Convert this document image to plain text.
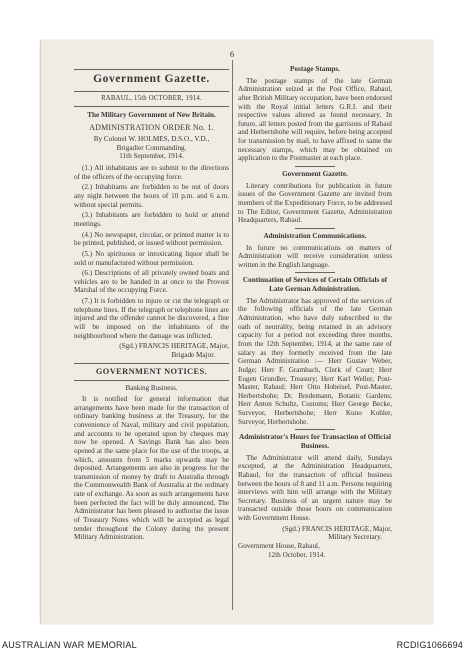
6
Government Gazette.
RABAUL, 15th OCTOBER, 1914.
The Military Government of New Britain.
ADMINISTRATION ORDER No. 1.
By Colonel W. HOLMES, D.S.O., V.D.,
Brigadier Commanding.
11th September, 1914.

(1.) All inhabitants are to submit to the directions of the officers of the occupying force.

(2.) Inhabitants are forbidden to be out of doors any night between the hours of 10 p.m. and 6 a.m. without special permits.

(3.) Inhabitants are forbidden to hold or attend meetings.

(4.) No newspaper, circular, or printed matter is to be printed, published, or issued without permission.

(5.) No spirituous or intoxicating liquor shall be sold or manufactured without permission.

(6.) Descriptions of all privately owned boats and vehicles are to be handed in at once to the Provost Marshal of the occupying Force.

(7.) It is forbidden to injure or cut the telegraph or telephone lines. If the telegraph or telephone lines are injured and the offender cannot be discovered, a fine will be imposed on the inhabitants of the neighbourhood where the damage was inflicted.

(Sgd.) FRANCIS HERITAGE, Major,
Brigade Major.
GOVERNMENT NOTICES.
Banking Business.

It is notified for general information that arrangements have been made for the transaction of ordinary banking business at the Treasury, for the convenience of Naval, military and civil population, and accounts to be operated upon by cheques may now be opened. A Savings Bank has also been opened at the same place for the use of the troops, at which, amounts from 5 marks upwards may be deposited. Arrangements are also in progress for the transmission of money by draft to Australia through the Commonwealth Bank of Australia at the ordinary rate of exchange. As soon as such arrangements have been perfected the fact will be duly announced. The Administrator has been pleased to authorise the issue of Treasury Notes which will be accepted as legal tender throughout the Colony during the present Military Administration.

Postage Stamps.

The postage stamps of the late German Administration seized at the Post Office, Rabaul, after British Military occupation, have been endorsed with the Royal initial letters G.R.I. and their respective values altered as found necessary. In future, all letters posted from the garrisons of Rabaul and Herbertshohe will require, before being accepted for transmission by mail, to have affixed to same the necessary stamps, which may be obtained on application to the Postmaster at each place.

Government Gazette.

Literary contributions for publication in future issues of the Government Gazette are invited from members of the Expeditionary Force, to be addressed to The Editor, Government Gazette, Administration Headquarters, Rabaul.

Administration Communications.

In future no communications on matters of Administration will receive consideration unless written in the English language.

Continuation of Services of Certain Officials of Late German Administration.

The Administrator has approved of the services of the following officials of the late German Administration, who have duly subscribed to the oath of neutrality, being retained in an advisory capacity for a period not exceeding three months, from the 12th September, 1914, at the same rate of salary as they formerly received from the late German Administration :— Herr Gustav Weber, Judge; Herr F. Grambach, Clerk of Court; Herr Eugen Grundler, Treasury; Herr Karl Weller, Post-Master, Rabaul; Herr Otto Hobeisel, Post-Master, Herbertshohe; Dr. Bredemann, Botanic Gardens; Herr Anton Schultz, Customs; Herr George Becke, Surveyor, Herbertshohe; Herr Kuno Kohler, Surveyor, Herbertshohe.

Administrator's Hours for Transaction of Official Business.

The Administrator will attend daily, Sundays excepted, at the Administration Headquarters, Rabaul, for the transaction of official business between the hours of 8 and 11 a.m. Persons requiring interviews with him will arrange with the Military Secretary. Business of an urgent nature may be transacted outside those hours on communication with Government House.

(Sgd.) FRANCIS HERITAGE, Major,
Military Secretary.
Government House, Rabaul,
12th October, 1914.
AUSTRALIAN WAR MEMORIAL	RCDIG1066694
